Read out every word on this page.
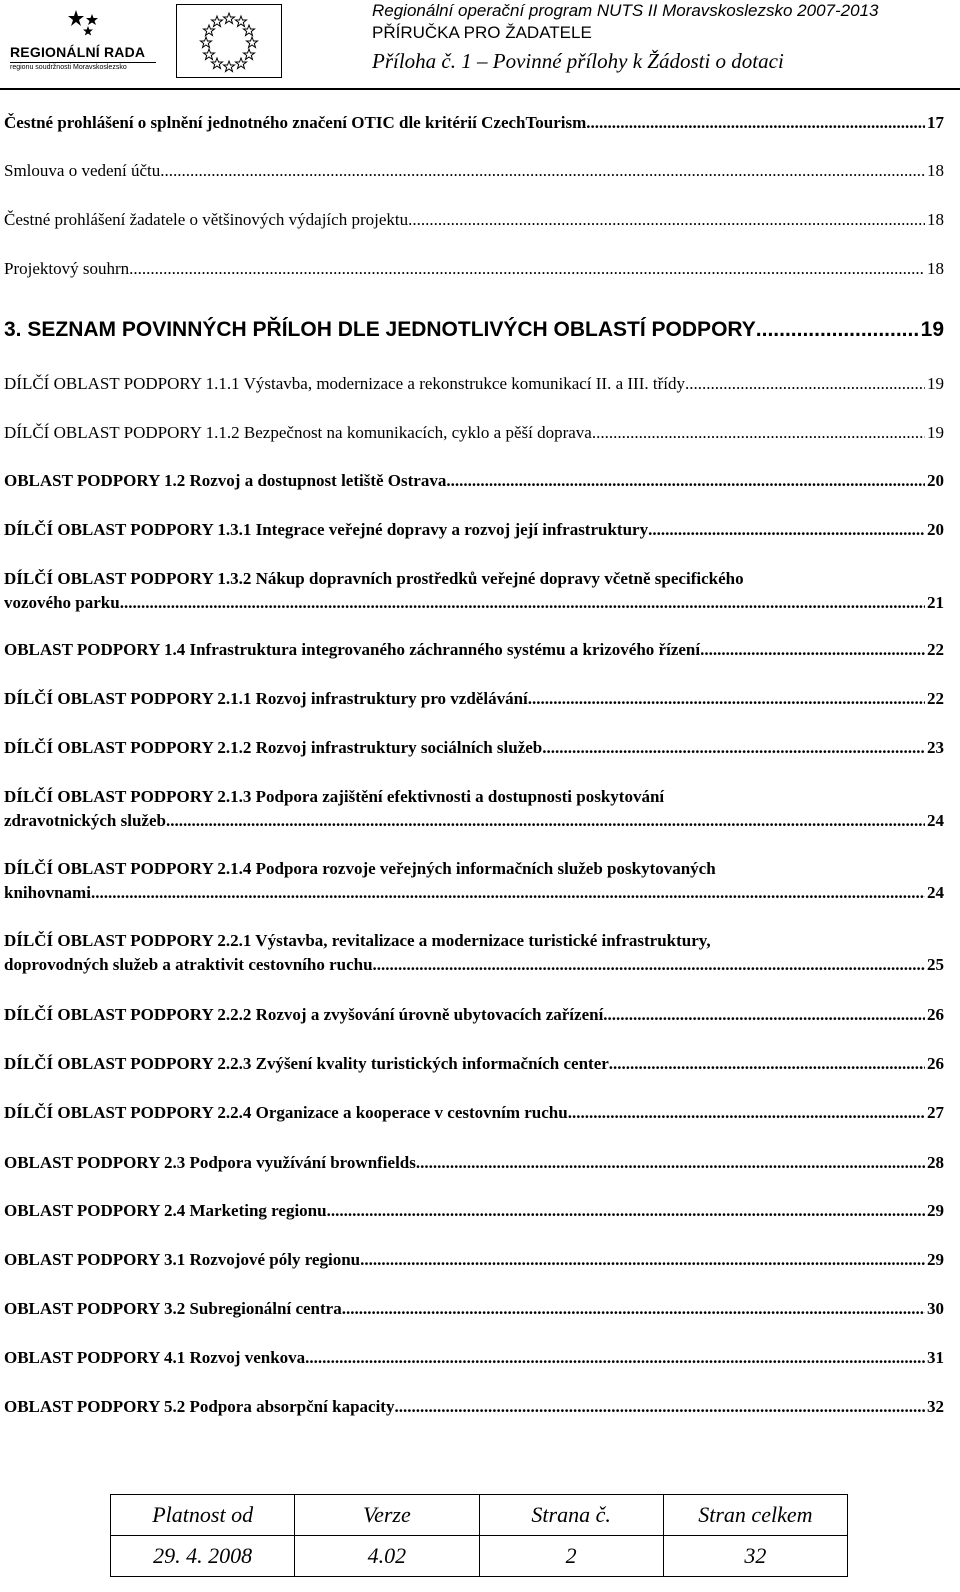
REGIONÁLNÍ RADA
regionu soudržnosti Moravskoslezsko
Regionální operační program NUTS II Moravskoslezsko 2007-2013
PŘÍRUČKA PRO ŽADATELE
Příloha č. 1 – Povinné přílohy k Žádosti o dotaci
Čestné prohlášení o splnění jednotného značení OTIC dle kritérií CzechTourism .....	17
Smlouva o vedení účtu .....	18
Čestné prohlášení žadatele o většinových výdajích projektu .....	18
Projektový souhrn .....	18
3. SEZNAM POVINNÝCH PŘÍLOH DLE JEDNOTLIVÝCH OBLASTÍ PODPORY .....	19
DÍLČÍ OBLAST PODPORY 1.1.1 Výstavba, modernizace a rekonstrukce komunikací II. a III. třídy .....	19
DÍLČÍ OBLAST PODPORY 1.1.2 Bezpečnost na komunikacích, cyklo a pěší doprava .....	19
OBLAST PODPORY 1.2 Rozvoj a dostupnost letiště Ostrava .....	20
DÍLČÍ OBLAST PODPORY 1.3.1 Integrace veřejné dopravy a rozvoj její infrastruktury .....	20
DÍLČÍ OBLAST PODPORY 1.3.2 Nákup dopravních prostředků veřejné dopravy včetně specifického
vozového parku .....	21
OBLAST PODPORY 1.4 Infrastruktura integrovaného záchranného systému a krizového řízení .....	22
DÍLČÍ OBLAST PODPORY 2.1.1 Rozvoj infrastruktury pro vzdělávání .....	22
DÍLČÍ OBLAST PODPORY 2.1.2 Rozvoj infrastruktury sociálních služeb .....	23
DÍLČÍ OBLAST PODPORY 2.1.3 Podpora zajištění efektivnosti a dostupnosti poskytování
zdravotnických služeb .....	24
DÍLČÍ OBLAST PODPORY 2.1.4 Podpora rozvoje veřejných informačních služeb poskytovaných
knihovnami .....	24
DÍLČÍ OBLAST PODPORY 2.2.1 Výstavba, revitalizace a modernizace turistické infrastruktury,
doprovodných služeb a atraktivit cestovního ruchu .....	25
DÍLČÍ OBLAST PODPORY 2.2.2 Rozvoj a zvyšování úrovně ubytovacích zařízení .....	26
DÍLČÍ OBLAST PODPORY 2.2.3 Zvýšení kvality turistických informačních center .....	26
DÍLČÍ OBLAST PODPORY 2.2.4 Organizace a kooperace v cestovním ruchu .....	27
OBLAST PODPORY 2.3 Podpora využívání brownfields .....	28
OBLAST PODPORY 2.4 Marketing regionu .....	29
OBLAST PODPORY 3.1 Rozvojové póly regionu .....	29
OBLAST PODPORY 3.2 Subregionální centra .....	30
OBLAST PODPORY 4.1 Rozvoj venkova .....	31
OBLAST PODPORY 5.2 Podpora absorpční kapacity .....	32
Platnost od	Verze	Strana č.	Stran celkem
29. 4. 2008	4.02	2	32
